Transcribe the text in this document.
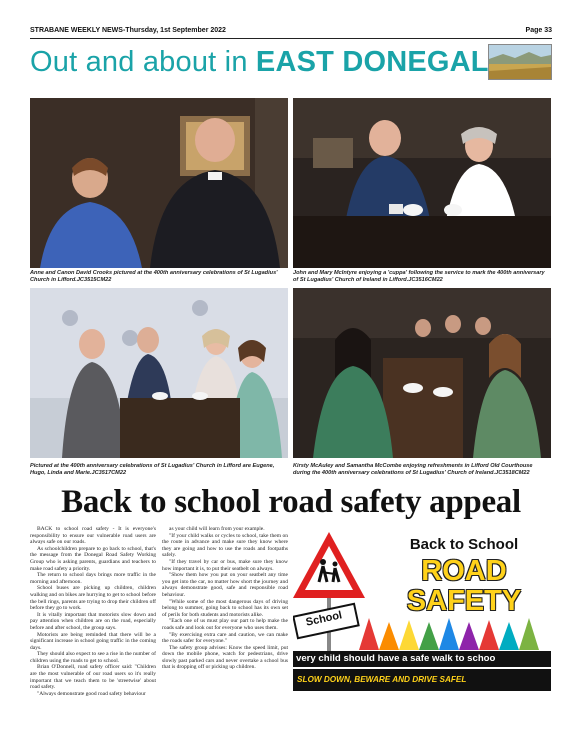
STRABANE WEEKLY NEWS-Thursday, 1st September 2022	Page 33
Out and about in EAST DONEGAL
Anne and Canon David Crooks pictured at the 400th anniversary celebrations of St Lugadius' Church in Lifford.JC3515CM22
John and Mary McIntyre enjoying a 'cuppa' following the service to mark the 400th anniversary of St Lugadius' Church of Ireland in Lifford.JC3516CM22
Pictured at the 400th anniversary celebrations of St Lugadius' Church in Lifford are Eugene, Hugo, Linda and Marie.JC3517CM22
Kirsty McAuley and Samantha McCombe enjoying refreshments in Lifford Old Courthouse during the 400th anniversary celebrations of St Lugadius' Church of Ireland.JC3518CM22
Back to school road safety appeal

BACK to school road safety - It is everyone's responsibility to ensure our vulnerable road users are always safe on our roads.

As schoolchildren prepare to go back to school, that's the message from the Donegal Road Safety Working Group who is asking parents, guardians and teachers to make road safety a priority.

The return to school days brings more traffic in the morning and afternoon.

School buses are picking up children, children walking and on bikes are hurrying to get to school before the bell rings, parents are trying to drop their children off before they go to work.

It is vitally important that motorists slow down and pay attention when children are on the road, especially before and after school, the group says.

Motorists are being reminded that there will be a significant increase in school going traffic in the coming days.

They should also expect to see a rise in the number of children using the roads to get to school.

Brian O'Donnell, road safety officer said: "Children are the most vulnerable of our road users so it's really important that we teach them to be 'streetwise' about road safety.

"Always demonstrate good road safety behaviour

as your child will learn from your example.

"If your child walks or cycles to school, take them on the route in advance and make sure they know where they are going and how to use the roads and footpaths safely.

"If they travel by car or bus, make sure they know how important it is, to put their seatbelt on always.

"Show them how you put on your seatbelt any time you get into the car, no matter how short the journey and always demonstrate good, safe and responsible road behaviour.

"While some of the most dangerous days of driving belong to summer, going back to school has its own set of perils for both students and motorists alike.

"Each one of us must play our part to help make the roads safe and look out for everyone who uses them.

"By exercising extra care and caution, we can make the roads safer for everyone."

The safety group advises: Know the speed limit, put down the mobile phone, watch for pedestrians, drive slowly past parked cars and never overtake a school bus that is dropping off or picking up children.

School
Back to School
ROAD
SAFETY
very child should have a safe walk to schoo
SLOW DOWN, BEWARE AND DRIVE SAFEL
